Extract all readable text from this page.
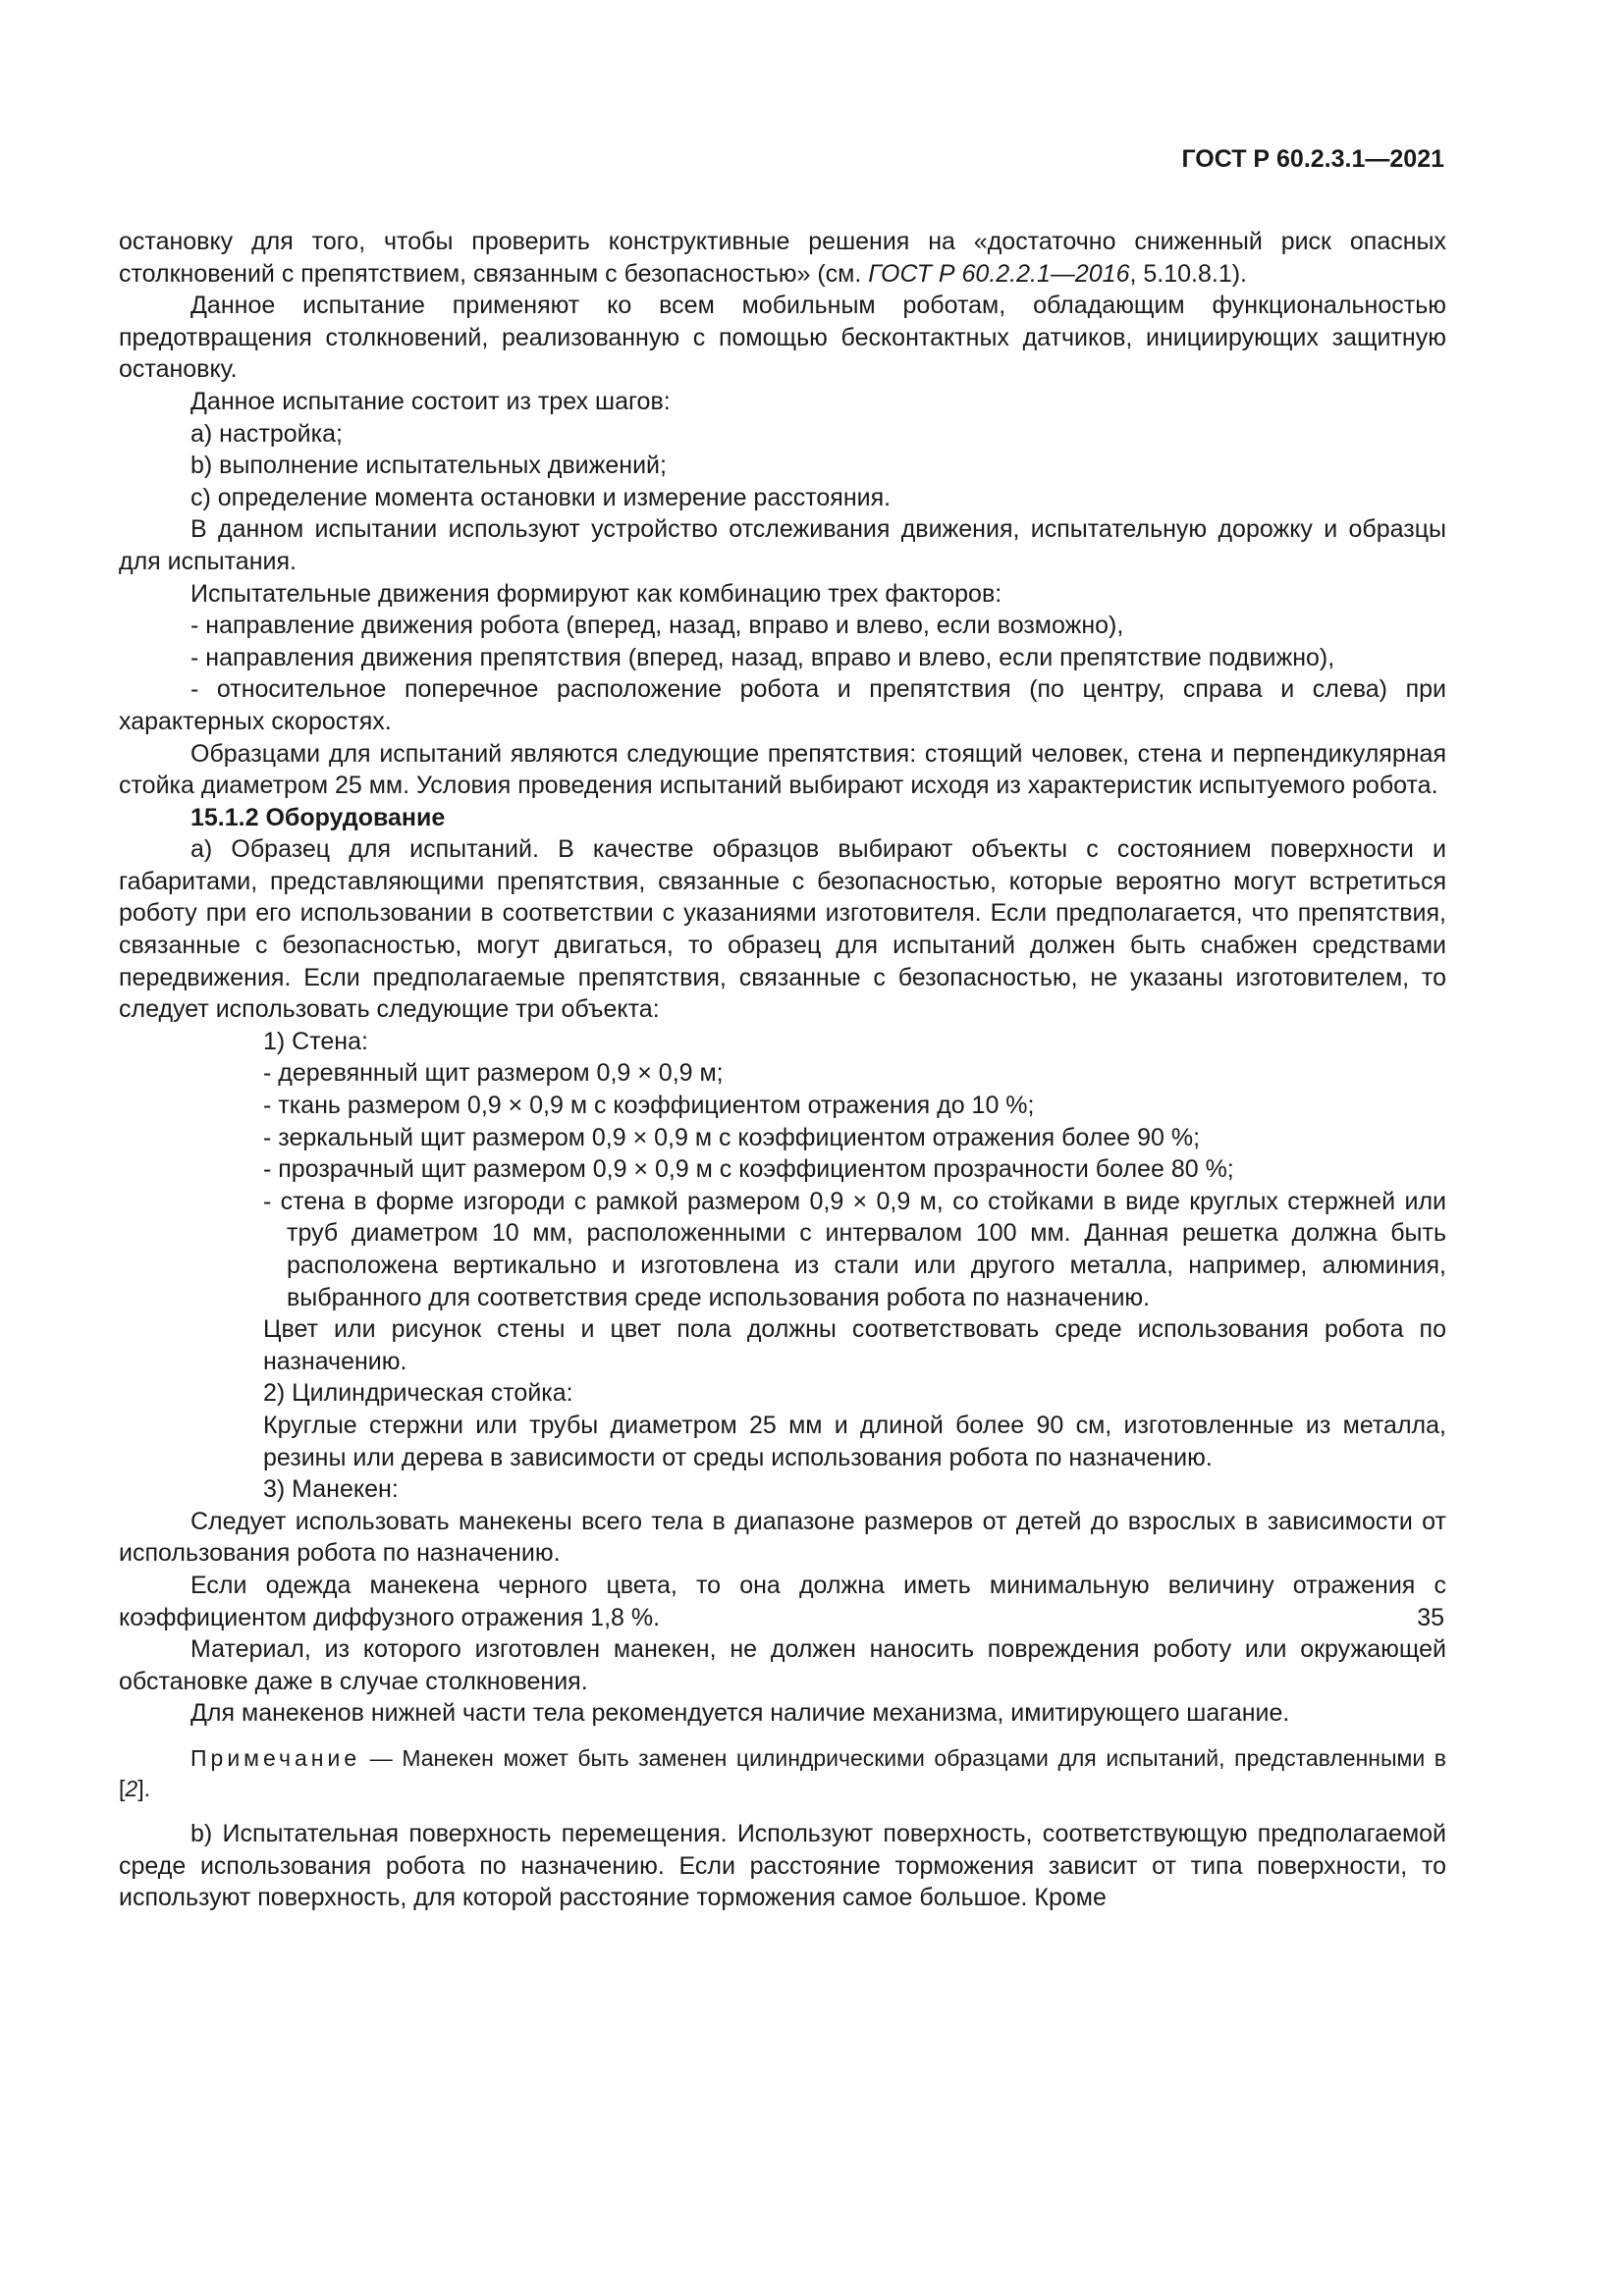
ГОСТ Р 60.2.3.1—2021

остановку для того, чтобы проверить конструктивные решения на «достаточно сниженный риск опасных столкновений с препятствием, связанным с безопасностью» (см. ГОСТ Р 60.2.2.1—2016, 5.10.8.1).

Данное испытание применяют ко всем мобильным роботам, обладающим функциональностью предотвращения столкновений, реализованную с помощью бесконтактных датчиков, инициирующих защитную остановку.

Данное испытание состоит из трех шагов:

a) настройка;

b) выполнение испытательных движений;

c) определение момента остановки и измерение расстояния.

В данном испытании используют устройство отслеживания движения, испытательную дорожку и образцы для испытания.

Испытательные движения формируют как комбинацию трех факторов:

- направление движения робота (вперед, назад, вправо и влево, если возможно),

- направления движения препятствия (вперед, назад, вправо и влево, если препятствие подвижно),

- относительное поперечное расположение робота и препятствия (по центру, справа и слева) при характерных скоростях.

Образцами для испытаний являются следующие препятствия: стоящий человек, стена и перпендикулярная стойка диаметром 25 мм. Условия проведения испытаний выбирают исходя из характеристик испытуемого робота.

15.1.2 Оборудование

a) Образец для испытаний. В качестве образцов выбирают объекты с состоянием поверхности и габаритами, представляющими препятствия, связанные с безопасностью, которые вероятно могут встретиться роботу при его использовании в соответствии с указаниями изготовителя. Если предполагается, что препятствия, связанные с безопасностью, могут двигаться, то образец для испытаний должен быть снабжен средствами передвижения. Если предполагаемые препятствия, связанные с безопасностью, не указаны изготовителем, то следует использовать следующие три объекта:

1) Стена:

- деревянный щит размером 0,9 × 0,9 м;

- ткань размером 0,9 × 0,9 м с коэффициентом отражения до 10 %;

- зеркальный щит размером 0,9 × 0,9 м с коэффициентом отражения более 90 %;

- прозрачный щит размером 0,9 × 0,9 м с коэффициентом прозрачности более 80 %;

- стена в форме изгороди с рамкой размером 0,9 × 0,9 м, со стойками в виде круглых стержней или труб диаметром 10 мм, расположенными с интервалом 100 мм. Данная решетка должна быть расположена вертикально и изготовлена из стали или другого металла, например, алюминия, выбранного для соответствия среде использования робота по назначению.

Цвет или рисунок стены и цвет пола должны соответствовать среде использования робота по назначению.

2) Цилиндрическая стойка:

Круглые стержни или трубы диаметром 25 мм и длиной более 90 см, изготовленные из металла, резины или дерева в зависимости от среды использования робота по назначению.

3) Манекен:

Следует использовать манекены всего тела в диапазоне размеров от детей до взрослых в зависимости от использования робота по назначению.

Если одежда манекена черного цвета, то она должна иметь минимальную величину отражения с коэффициентом диффузного отражения 1,8 %.

Материал, из которого изготовлен манекен, не должен наносить повреждения роботу или окружающей обстановке даже в случае столкновения.

Для манекенов нижней части тела рекомендуется наличие механизма, имитирующего шагание.

Примечание — Манекен может быть заменен цилиндрическими образцами для испытаний, представленными в [2].

b) Испытательная поверхность перемещения. Используют поверхность, соответствующую предполагаемой среде использования робота по назначению. Если расстояние торможения зависит от типа поверхности, то используют поверхность, для которой расстояние торможения самое большое. Кроме

35
